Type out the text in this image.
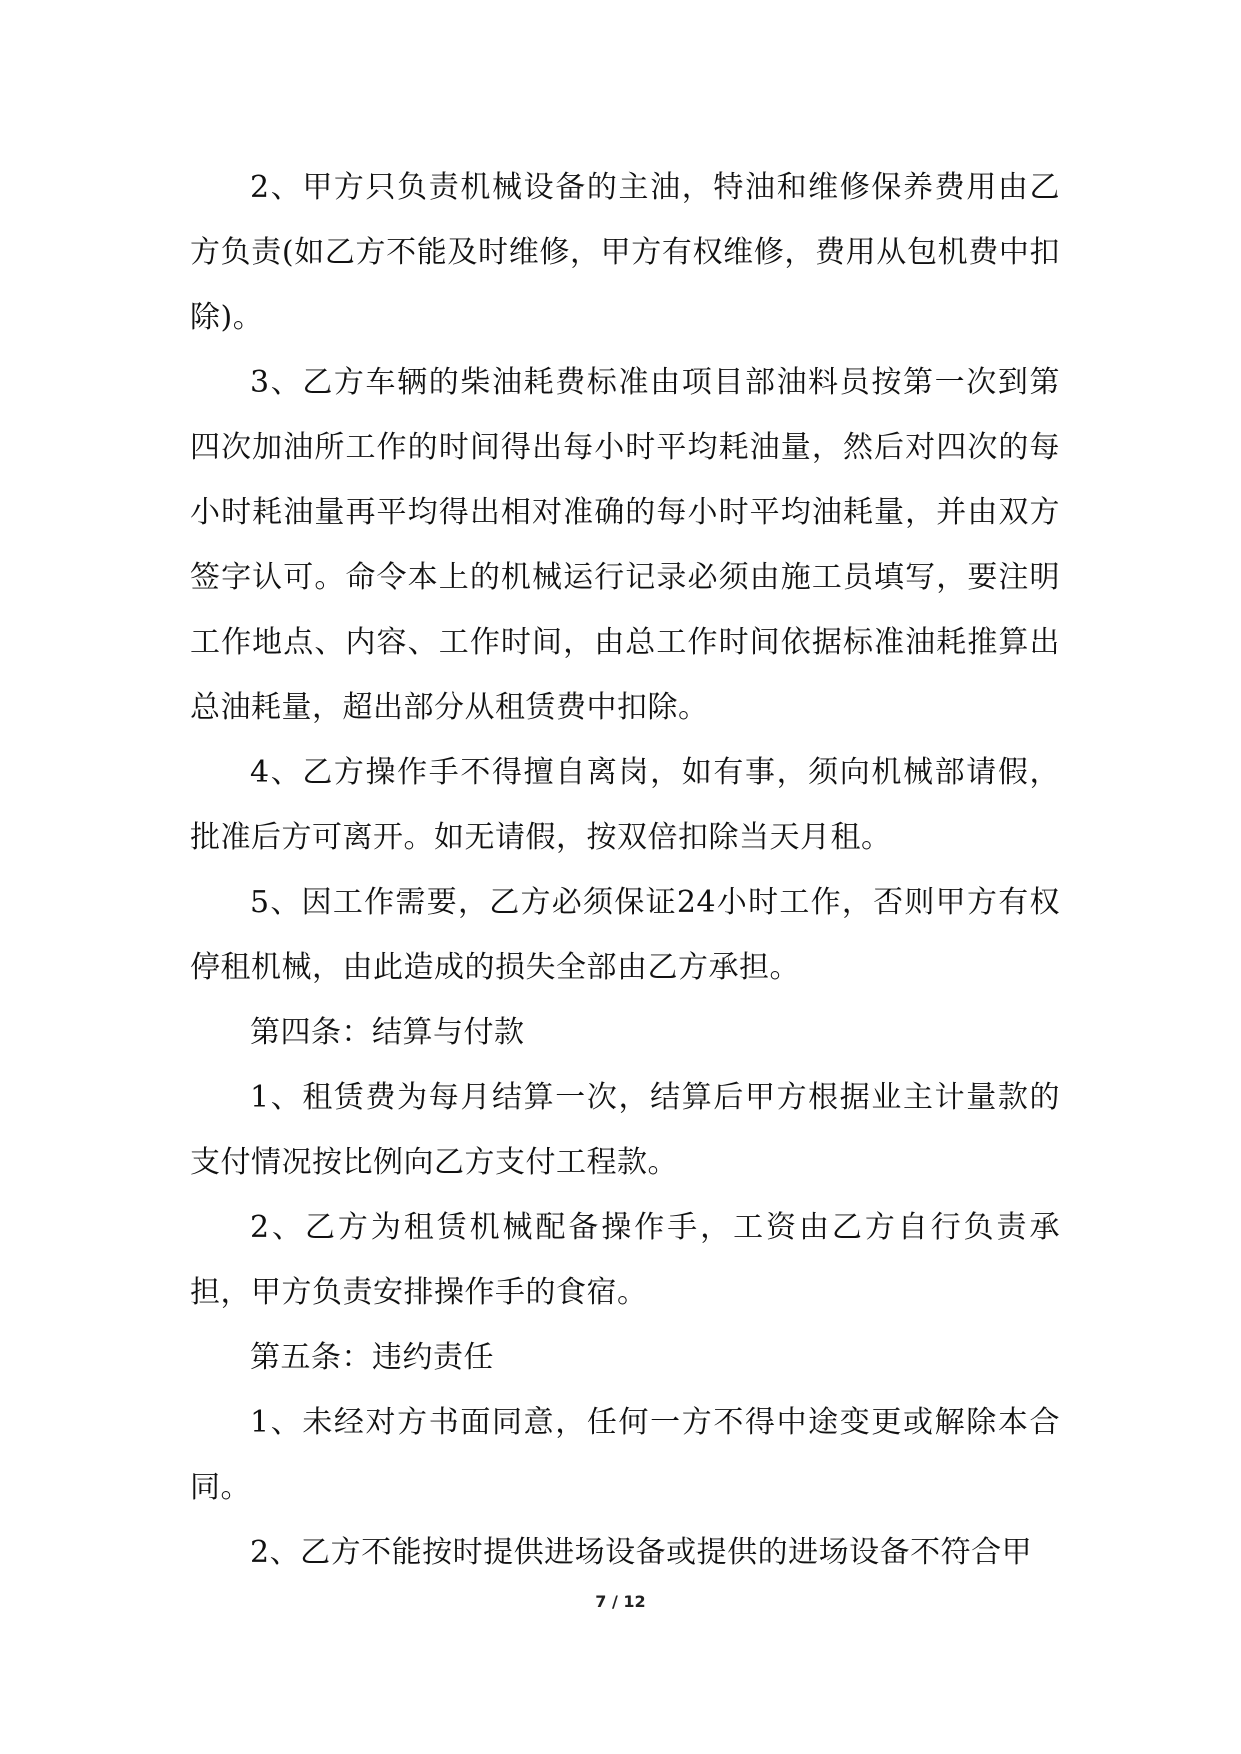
2、甲方只负责机械设备的主油，特油和维修保养费用由乙方负责(如乙方不能及时维修，甲方有权维修，费用从包机费中扣除)。

3、乙方车辆的柴油耗费标准由项目部油料员按第一次到第四次加油所工作的时间得出每小时平均耗油量，然后对四次的每小时耗油量再平均得出相对准确的每小时平均油耗量，并由双方签字认可。命令本上的机械运行记录必须由施工员填写，要注明工作地点、内容、工作时间，由总工作时间依据标准油耗推算出总油耗量，超出部分从租赁费中扣除。

4、乙方操作手不得擅自离岗，如有事，须向机械部请假，批准后方可离开。如无请假，按双倍扣除当天月租。

5、因工作需要，乙方必须保证24小时工作，否则甲方有权停租机械，由此造成的损失全部由乙方承担。

第四条：结算与付款

1、租赁费为每月结算一次，结算后甲方根据业主计量款的支付情况按比例向乙方支付工程款。

2、乙方为租赁机械配备操作手，工资由乙方自行负责承担，甲方负责安排操作手的食宿。

第五条：违约责任

1、未经对方书面同意，任何一方不得中途变更或解除本合同。

2、乙方不能按时提供进场设备或提供的进场设备不符合甲

7 / 12
